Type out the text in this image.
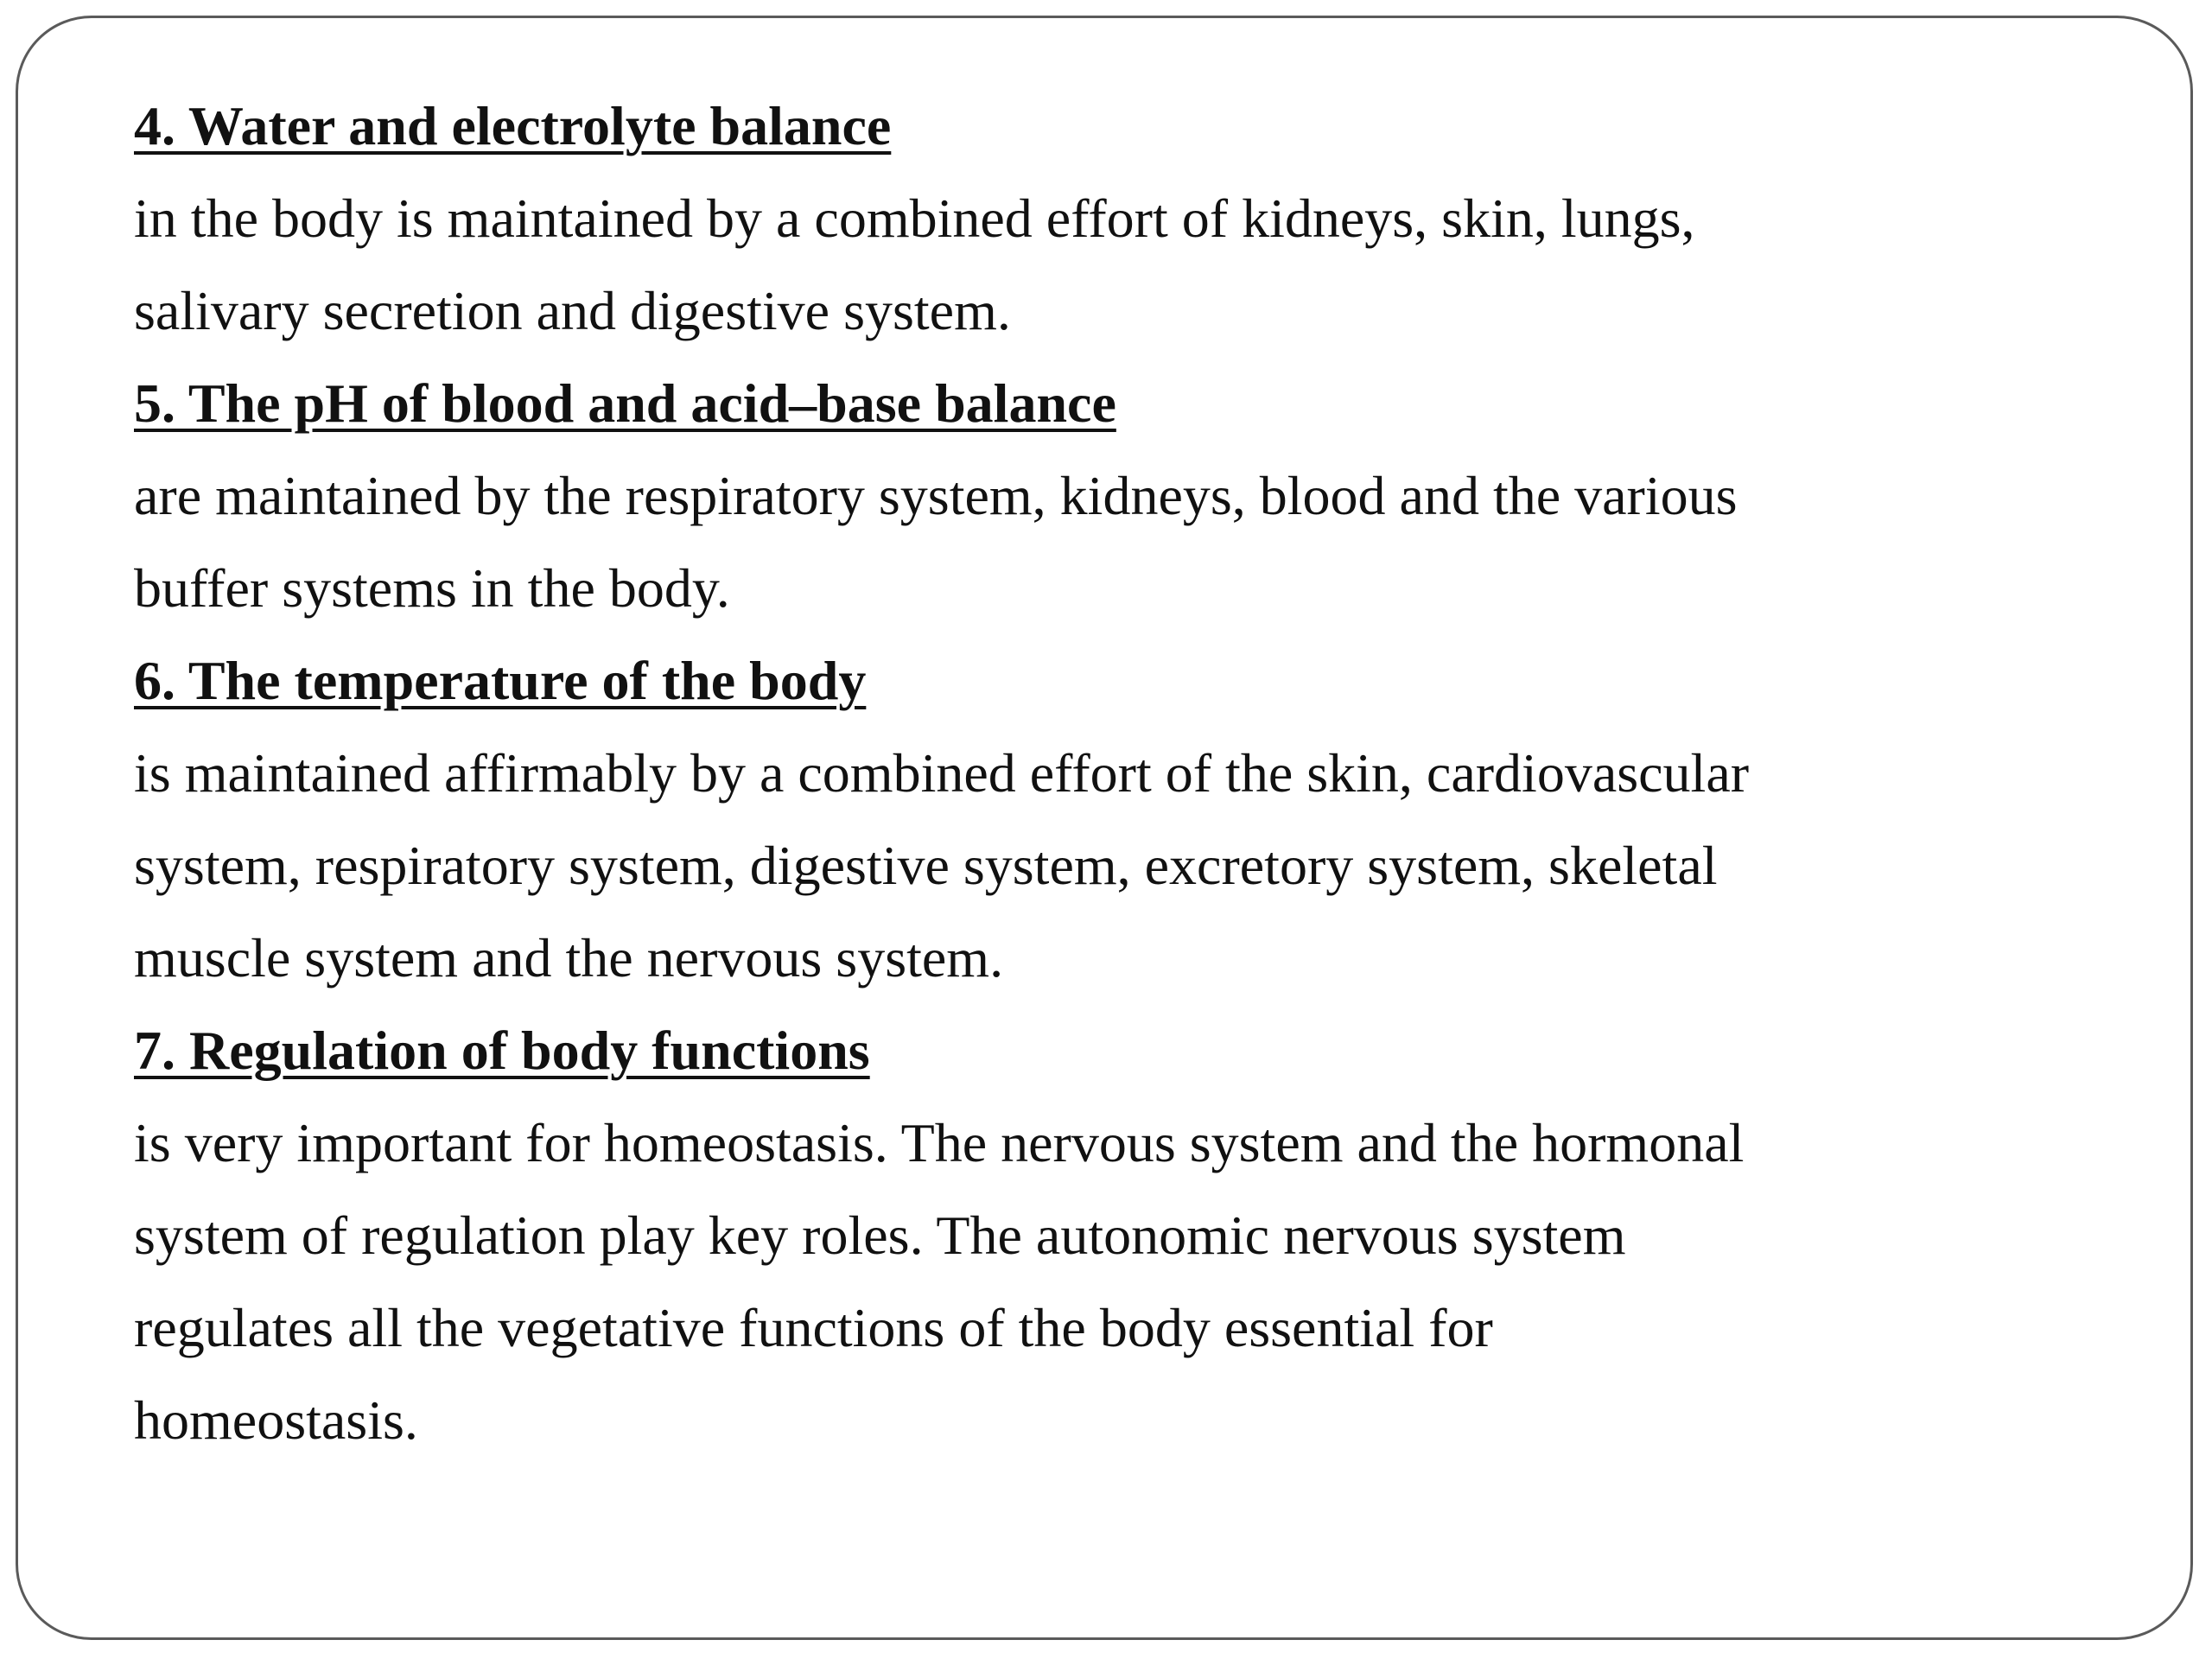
4. Water and electrolyte balance
in the body is maintained by a combined effort of kidneys, skin, lungs,
salivary secretion and digestive system.
5. The pH of blood and acid–base balance
are maintained by the respiratory system, kidneys, blood and the various
buffer systems in the body.
6. The temperature of the body
is maintained affirmably by a combined effort of the skin, cardiovascular
system, respiratory system, digestive system, excretory system, skeletal
muscle system and the nervous system.
7. Regulation of body functions
is very important for homeostasis. The nervous system and the hormonal
system of regulation play key roles. The autonomic nervous system
regulates all the vegetative functions of the body essential for
homeostasis.
